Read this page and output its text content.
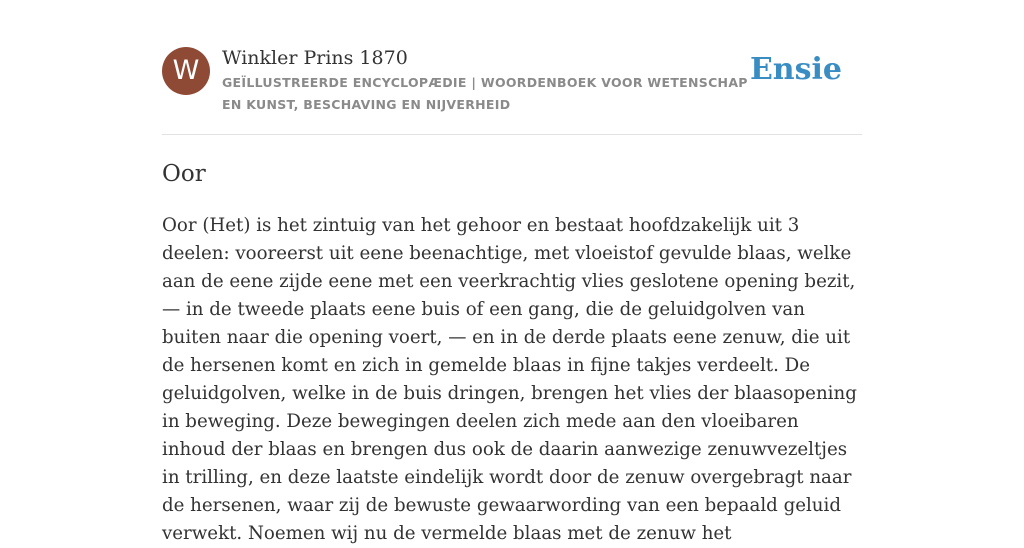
W	Winkler Prins 1870
GEÏLLUSTREERDE ENCYCLOPÆDIE | WOORDENBOEK VOOR WETENSCHAP EN KUNST, BESCHAVING EN NIJVERHEID
Ensie
Oor

Oor (Het) is het zintuig van het gehoor en bestaat hoofdzakelijk uit 3 deelen: vooreerst uit eene beenachtige, met vloeistof gevulde blaas, welke aan de eene zijde eene met een veerkrachtig vlies geslotene opening bezit, — in de tweede plaats eene buis of een gang, die de geluidgolven van buiten naar die opening voert, — en in de derde plaats eene zenuw, die uit de hersenen komt en zich in gemelde blaas in fijne takjes verdeelt. De geluidgolven, welke in de buis dringen, brengen het vlies der blaasopening in beweging. Deze bewegingen deelen zich mede aan den vloeibaren inhoud der blaas en brengen dus ook de daarin aanwezige zenuwvezeltjes in trilling, en deze laatste eindelijk wordt door de zenuw overgebragt naar de hersenen, waar zij de bewuste gewaarwording van een bepaald geluid verwekt. Noemen wij nu de vermelde blaas met de zenuw het
